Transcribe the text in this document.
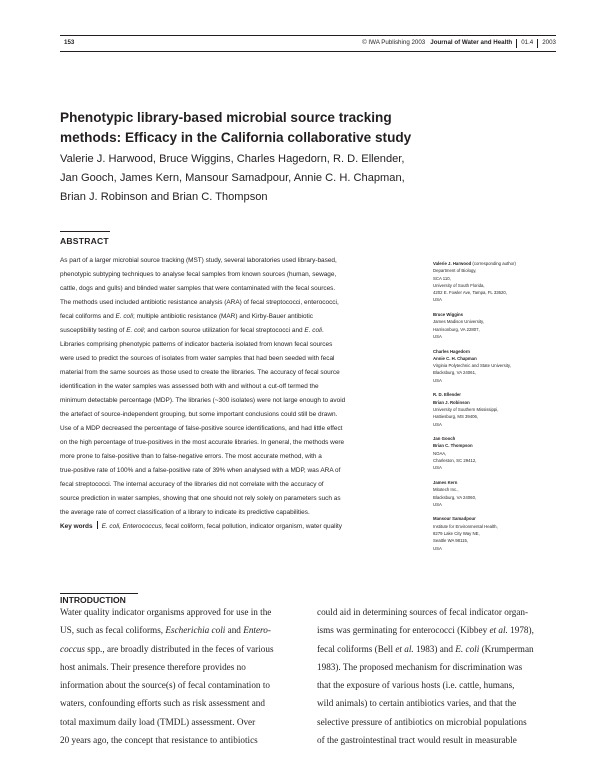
153	© IWA Publishing 2003 Journal of Water and Health 01.4 2003
Phenotypic library-based microbial source tracking
methods: Efficacy in the California collaborative study
Valerie J. Harwood, Bruce Wiggins, Charles Hagedorn, R. D. Ellender,
Jan Gooch, James Kern, Mansour Samadpour, Annie C. H. Chapman,
Brian J. Robinson and Brian C. Thompson
ABSTRACT
As part of a larger microbial source tracking (MST) study, several laboratories used library-based,
phenotypic subtyping techniques to analyse fecal samples from known sources (human, sewage,
cattle, dogs and gulls) and blinded water samples that were contaminated with the fecal sources.
The methods used included antibiotic resistance analysis (ARA) of fecal streptococci, enterococci,
fecal coliforms and E. coli; multiple antibiotic resistance (MAR) and Kirby-Bauer antibiotic
susceptibility testing of E. coli; and carbon source utilization for fecal streptococci and E. coli.
Libraries comprising phenotypic patterns of indicator bacteria isolated from known fecal sources
were used to predict the sources of isolates from water samples that had been seeded with fecal
material from the same sources as those used to create the libraries. The accuracy of fecal source
identification in the water samples was assessed both with and without a cut-off termed the
minimum detectable percentage (MDP). The libraries (~300 isolates) were not large enough to avoid
the artefact of source-independent grouping, but some important conclusions could still be drawn.
Use of a MDP decreased the percentage of false-positive source identifications, and had little effect
on the high percentage of true-positives in the most accurate libraries. In general, the methods were
more prone to false-positive than to false-negative errors. The most accurate method, with a
true-positive rate of 100% and a false-positive rate of 39% when analysed with a MDP, was ARA of
fecal streptococci. The internal accuracy of the libraries did not correlate with the accuracy of
source prediction in water samples, showing that one should not rely solely on parameters such as
the average rate of correct classification of a library to indicate its predictive capabilities.
Key words E. coli, Enterococcus, fecal coliform, fecal pollution, indicator organism, water quality
Valerie J. Harwood (corresponding author)
Department of Biology,
SCA 110,
University of South Florida,
4202 E. Fowler Ave, Tampa, FL 33620,
USA
Bruce Wiggins
James Madison University,
Harrisonburg, VA 22807,
USA
Charles Hagedorn
Annie C. H. Chapman
Virginia Polytechnic and State University,
Blacksburg, VA 24061,
USA
R. D. Ellender
Brian J. Robinson
University of Southern Mississippi,
Hattiesburg, MS 39406,
USA
Jan Gooch
Brian C. Thompson
NOAA,
Charleston, SC 29412,
USA
James Kern
Mitotech Inc.,
Blacksburg, VA 24060,
USA
Mansour Samadpour
Institute for Environmental Health,
8279 Lake City Way NE,
Seattle WA 98115,
USA
INTRODUCTION
Water quality indicator organisms approved for use in the
US, such as fecal coliforms, Escherichia coli and Entero-
coccus spp., are broadly distributed in the feces of various
host animals. Their presence therefore provides no
information about the source(s) of fecal contamination to
waters, confounding efforts such as risk assessment and
total maximum daily load (TMDL) assessment. Over
20 years ago, the concept that resistance to antibiotics
could aid in determining sources of fecal indicator organ-
isms was germinating for enterococci (Kibbey et al. 1978),
fecal coliforms (Bell et al. 1983) and E. coli (Krumperman
1983). The proposed mechanism for discrimination was
that the exposure of various hosts (i.e. cattle, humans,
wild animals) to certain antibiotics varies, and that the
selective pressure of antibiotics on microbial populations
of the gastrointestinal tract would result in measurable
